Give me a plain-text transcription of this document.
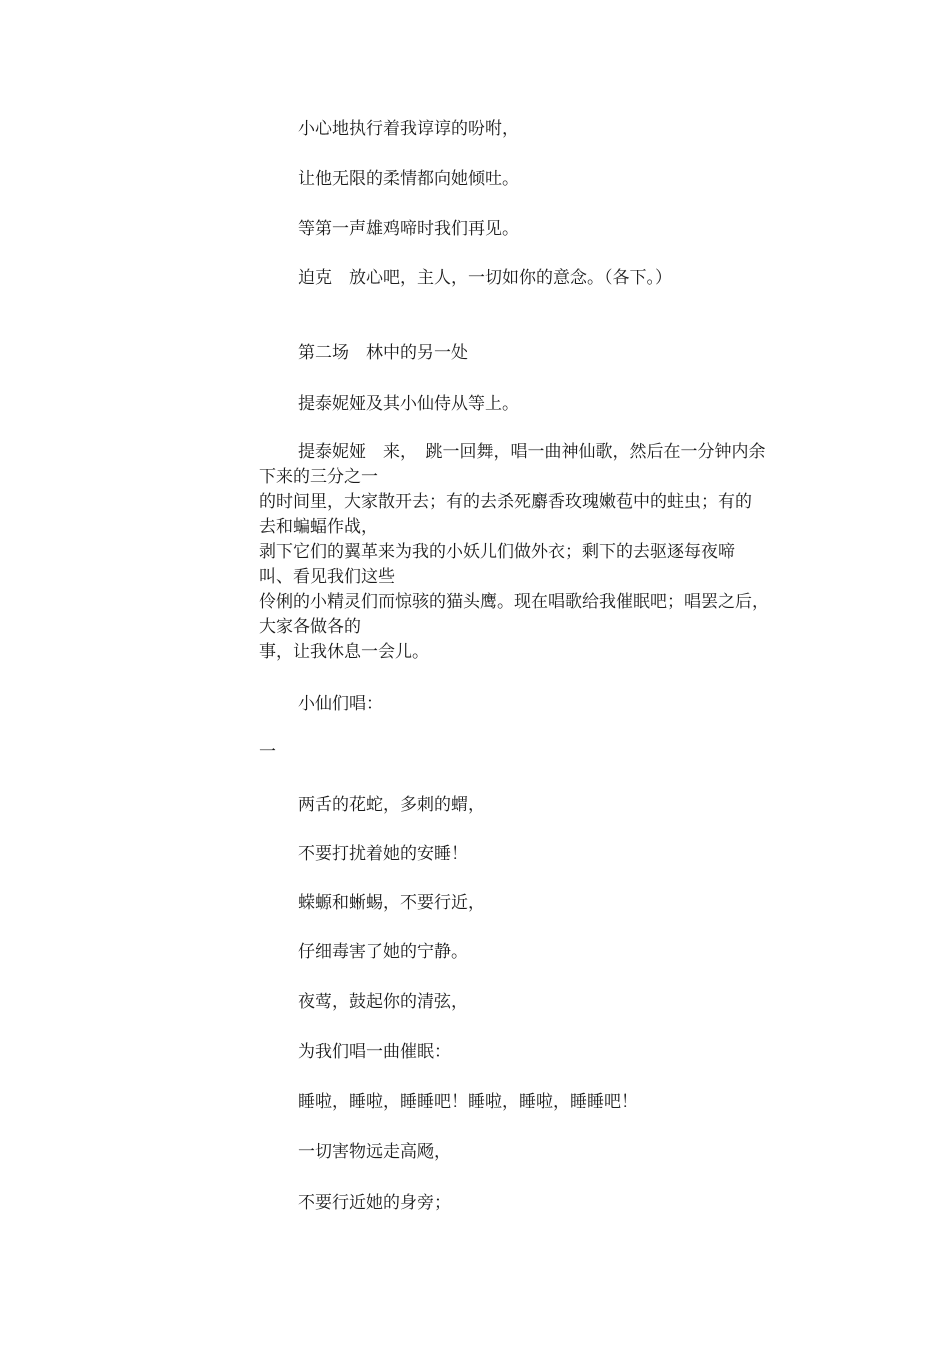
小心地执行着我谆谆的吩咐，
让他无限的柔情都向她倾吐。
等第一声雄鸡啼时我们再见。
迫克　放心吧，主人，一切如你的意念。（各下。）
第二场　林中的另一处
提泰妮娅及其小仙侍从等上。
提泰妮娅　来，　跳一回舞，唱一曲神仙歌，然后在一分钟内余
下来的三分之一
的时间里，大家散开去；有的去杀死麝香玫瑰嫩苞中的蛀虫；有的
去和蝙蝠作战，
剥下它们的翼革来为我的小妖儿们做外衣；剩下的去驱逐每夜啼
叫、看见我们这些
伶俐的小精灵们而惊骇的猫头鹰。现在唱歌给我催眠吧；唱罢之后，
大家各做各的
事，让我休息一会儿。
小仙们唱：
一
两舌的花蛇，多刺的蝟，
不要打扰着她的安睡！
蝾螈和蜥蜴，不要行近，
仔细毒害了她的宁静。
夜莺，鼓起你的清弦，
为我们唱一曲催眠：
睡啦，睡啦，睡睡吧！睡啦，睡啦，睡睡吧！
一切害物远走高飏，
不要行近她的身旁；
